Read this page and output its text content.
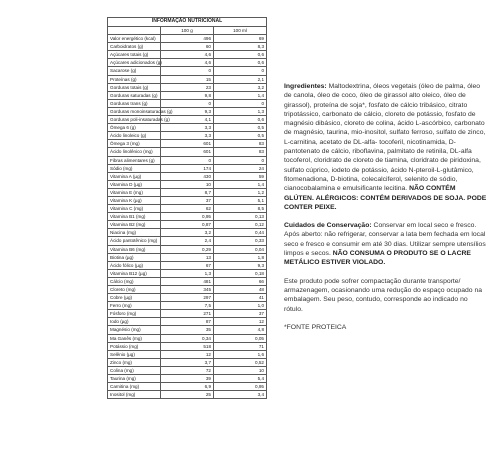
INFORMAÇÃO NUTRICIONAL		
	100 g	100 ml
Valor energético (kcal)	496	69
Carboidratos (g)	60	8,3
Açúcares totais (g)	4,6	0,6
Açúcares adicionados (g)	4,6	0,6
Sacarose (g)	0	0
Proteínas (g)	15	2,1
Gorduras totais (g)	23	3,2
Gorduras saturadas (g)	9,8	1,4
Gorduras trans (g)	0	0
Gorduras monoinsaturadas (g)	9,3	1,3
Gorduras poli-insaturadas (g)	4,1	0,6
Ômega 6 (g)	3,3	0,5
Ácido linoleico (g)	3,3	0,5
Ômega 3 (mg)	601	83
Ácido linolênico (mg)	601	83
Fibras alimentares (g)	0	0
Sódio (mg)	174	24
Vitamina A (µg)	430	59
Vitamina D (µg)	10	1,4
Vitamina E (mg)	8,7	1,2
Vitamina K (µg)	37	5,1
Vitamina C (mg)	62	8,5
Vitamina B1 (mg)	0,95	0,13
Vitamina B2 (mg)	0,87	0,12
Niacina (mg)	3,2	0,44
Ácido pantotênico (mg)	2,4	0,33
Vitamina B6 (mg)	0,29	0,04
Biotina (µg)	13	1,8
Ácido fólico (µg)	67	9,3
Vitamina B12 (µg)	1,3	0,18
Cálcio (mg)	481	66
Cloreto (mg)	345	48
Cobre (µg)	297	41
Ferro (mg)	7,5	1,0
Fósforo (mg)	271	37
Iodo (µg)	87	12
Magnésio (mg)	35	4,8
Ma Ganês (mg)	0,34	0,05
Potássio (mg)	518	71
Selênio (µg)	12	1,6
Zinco (mg)	3,7	0,52
Colina (mg)	72	10
Taurina (mg)	39	5,4
Carnitina (mg)	6,9	0,95
Inositol (mg)	25	3,4

Ingredientes: Maltodextrina, óleos vegetais (óleo de palma, óleo de canola, óleo de coco, óleo de girassol alto oleico, óleo de girassol), proteína de soja*, fosfato de cálcio tribásico, citrato tripotássico, carbonato de cálcio, cloreto de potássio, fosfato de magnésio dibásico, cloreto de colina, ácido L-ascórbico, carbonato de magnésio, taurina, mio-inositol, sulfato ferroso, sulfato de zinco, L-carnitina, acetato de DL-alfa- tocoferil, nicotinamida, D-pantotenato de cálcio, riboflavina, palmitato de retinila, DL-alfa tocoferol, cloridrato de cloreto de tiamina, cloridrato de piridoxina, sulfato cúprico, iodeto de potássio, ácido N-pteroil-L-glutâmico, fitomenadiona, D-biotina, colecalciferol, selenito de sódio, cianocobalamina e emulsificante lecitina. NÃO CONTÉM GLÚTEN. ALÉRGICOS: CONTÉM DERIVADOS DE SOJA. PODE CONTER PEIXE.

Cuidados de Conservação: Conservar em local seco e fresco. Após aberto: não refrigerar, conservar a lata bem fechada em local seco e fresco e consumir em até 30 dias. Utilizar sempre utensílios limpos e secos. NÃO CONSUMA O PRODUTO SE O LACRE METÁLICO ESTIVER VIOLADO.

Este produto pode sofrer compactação durante transporte/ armazenagem, ocasionando uma redução do espaço ocupado na embalagem. Seu peso, contudo, corresponde ao indicado no rótulo.

*FONTE PROTEICA
